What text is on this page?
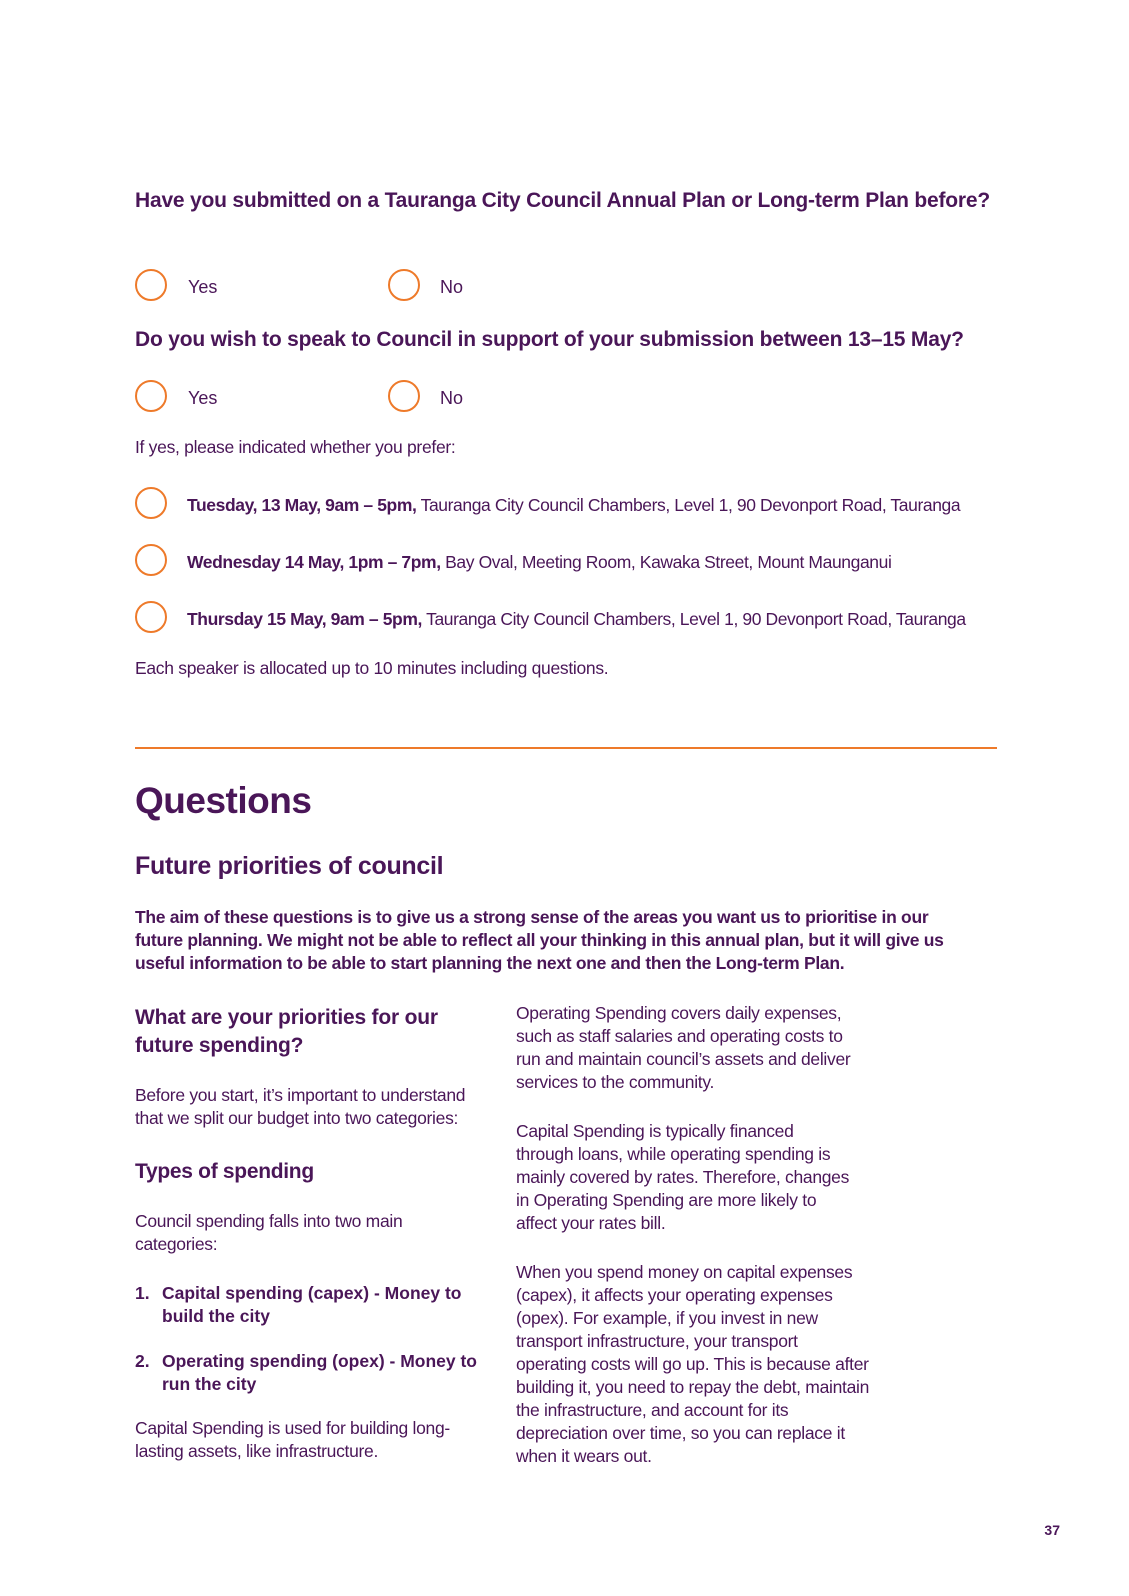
Have you submitted on a Tauranga City Council Annual Plan or Long-term Plan before?
Yes	No
Do you wish to speak to Council in support of your submission between 13–15 May?
Yes	No
If yes, please indicated whether you prefer:
Tuesday, 13 May, 9am – 5pm, Tauranga City Council Chambers, Level 1, 90 Devonport Road, Tauranga
Wednesday 14 May, 1pm – 7pm, Bay Oval, Meeting Room, Kawaka Street, Mount Maunganui
Thursday 15 May, 9am – 5pm, Tauranga City Council Chambers, Level 1, 90 Devonport Road, Tauranga
Each speaker is allocated up to 10 minutes including questions.
Questions
Future priorities of council
The aim of these questions is to give us a strong sense of the areas you want us to prioritise in our future planning. We might not be able to reflect all your thinking in this annual plan, but it will give us useful information to be able to start planning the next one and then the Long-term Plan.
What are your priorities for our future spending?
Before you start, it’s important to understand that we split our budget into two categories:
Types of spending
Council spending falls into two main categories:
1. Capital spending (capex) - Money to build the city
2. Operating spending (opex) - Money to run the city
Capital Spending is used for building long-lasting assets, like infrastructure.
Operating Spending covers daily expenses, such as staff salaries and operating costs to run and maintain council’s assets and deliver services to the community.
Capital Spending is typically financed through loans, while operating spending is mainly covered by rates. Therefore, changes in Operating Spending are more likely to affect your rates bill.
When you spend money on capital expenses (capex), it affects your operating expenses (opex). For example, if you invest in new transport infrastructure, your transport operating costs will go up. This is because after building it, you need to repay the debt, maintain the infrastructure, and account for its depreciation over time, so you can replace it when it wears out.
37
